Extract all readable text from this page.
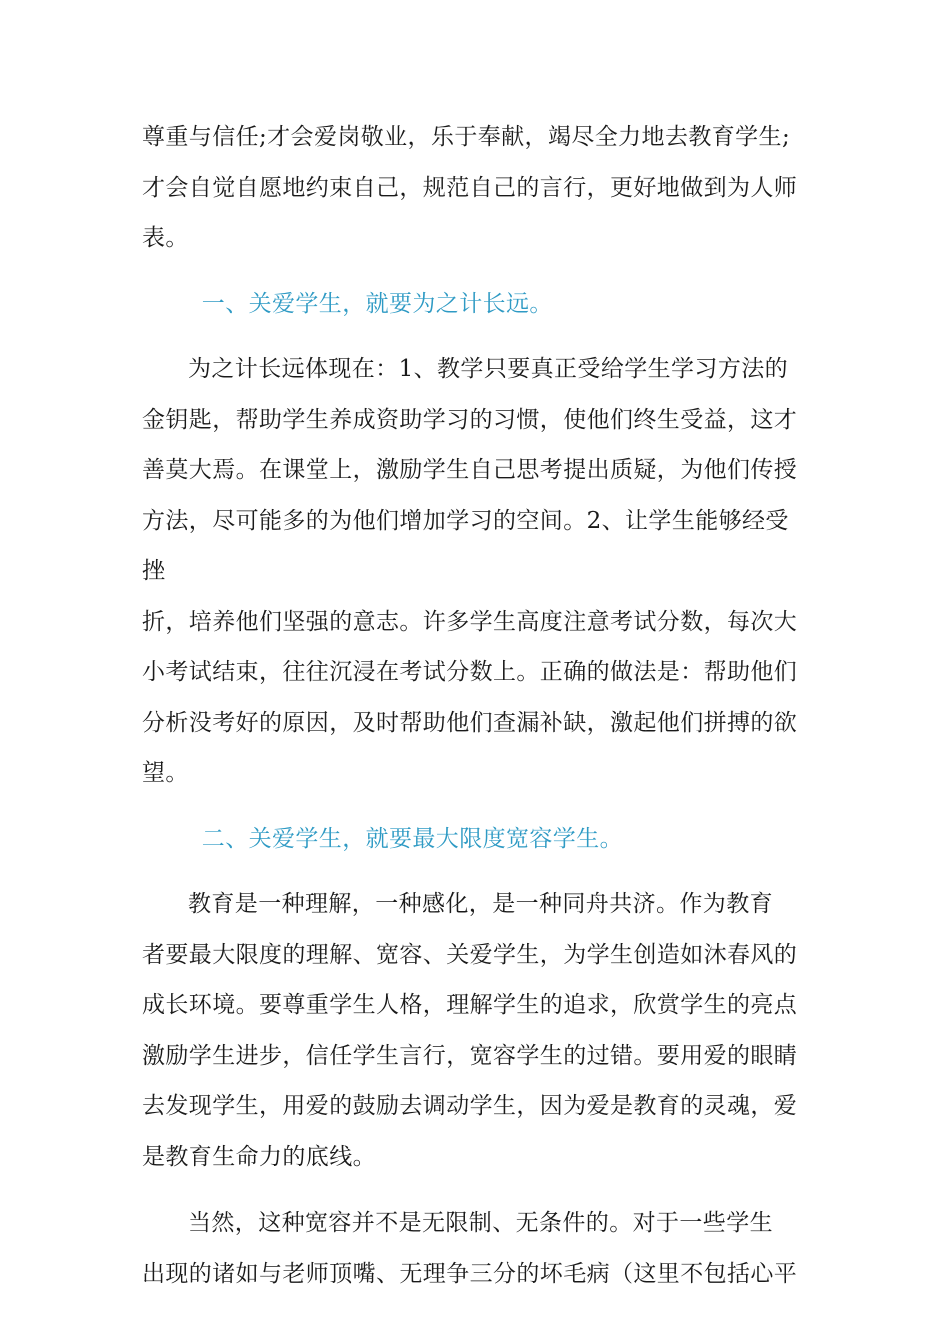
尊重与信任;才会爱岗敬业，乐于奉献，竭尽全力地去教育学生;
才会自觉自愿地约束自己，规范自己的言行，更好地做到为人师
表。

一、关爱学生，就要为之计长远。

为之计长远体现在：1、教学只要真正受给学生学习方法的
金钥匙，帮助学生养成资助学习的习惯，使他们终生受益，这才
善莫大焉。在课堂上，激励学生自己思考提出质疑，为他们传授
方法，尽可能多的为他们增加学习的空间。2、让学生能够经受挫
折，培养他们坚强的意志。许多学生高度注意考试分数，每次大
小考试结束，往往沉浸在考试分数上。正确的做法是：帮助他们
分析没考好的原因，及时帮助他们查漏补缺，激起他们拼搏的欲
望。

二、关爱学生，就要最大限度宽容学生。

教育是一种理解，一种感化，是一种同舟共济。作为教育
者要最大限度的理解、宽容、关爱学生，为学生创造如沐春风的
成长环境。要尊重学生人格，理解学生的追求，欣赏学生的亮点
激励学生进步，信任学生言行，宽容学生的过错。要用爱的眼睛
去发现学生，用爱的鼓励去调动学生，因为爱是教育的灵魂，爱
是教育生命力的底线。

当然，这种宽容并不是无限制、无条件的。对于一些学生
出现的诸如与老师顶嘴、无理争三分的坏毛病（这里不包括心平
